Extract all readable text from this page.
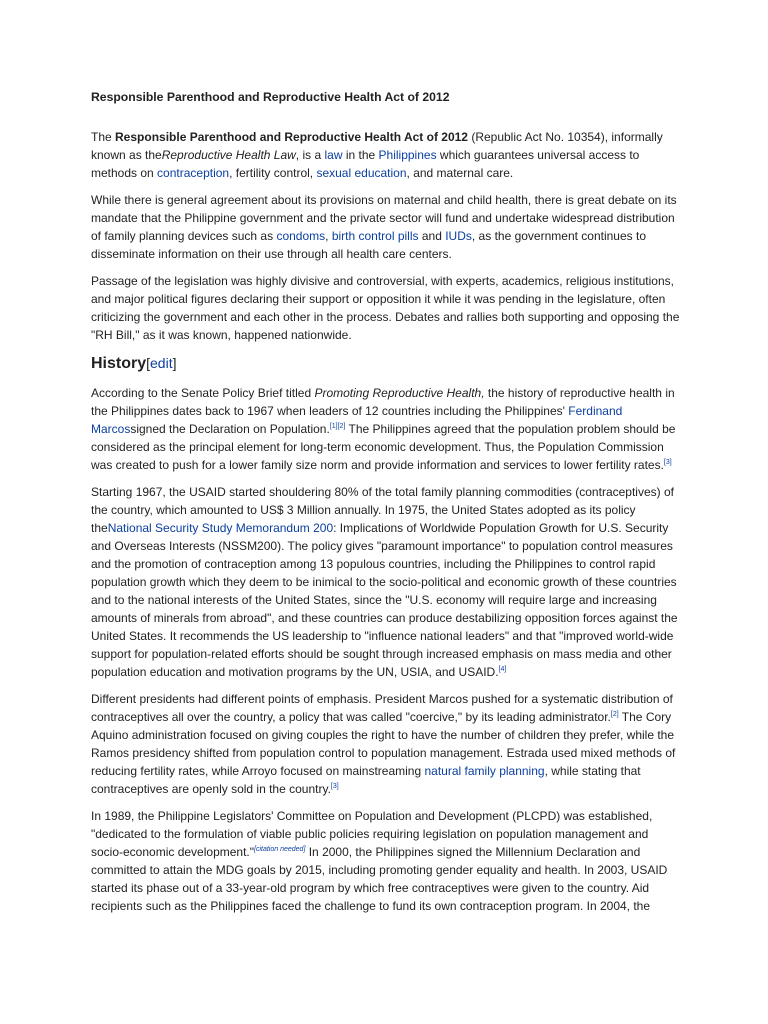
Responsible Parenthood and Reproductive Health Act of 2012

The Responsible Parenthood and Reproductive Health Act of 2012 (Republic Act No. 10354), informally known as theReproductive Health Law, is a law in the Philippines which guarantees universal access to methods on contraception, fertility control, sexual education, and maternal care.

While there is general agreement about its provisions on maternal and child health, there is great debate on its mandate that the Philippine government and the private sector will fund and undertake widespread distribution of family planning devices such as condoms, birth control pills and IUDs, as the government continues to disseminate information on their use through all health care centers.

Passage of the legislation was highly divisive and controversial, with experts, academics, religious institutions, and major political figures declaring their support or opposition it while it was pending in the legislature, often criticizing the government and each other in the process. Debates and rallies both supporting and opposing the "RH Bill," as it was known, happened nationwide.

History[edit]

According to the Senate Policy Brief titled Promoting Reproductive Health, the history of reproductive health in the Philippines dates back to 1967 when leaders of 12 countries including the Philippines' Ferdinand Marcossigned the Declaration on Population.[1][2] The Philippines agreed that the population problem should be considered as the principal element for long-term economic development. Thus, the Population Commission was created to push for a lower family size norm and provide information and services to lower fertility rates.[3]

Starting 1967, the USAID started shouldering 80% of the total family planning commodities (contraceptives) of the country, which amounted to US$ 3 Million annually. In 1975, the United States adopted as its policy theNational Security Study Memorandum 200: Implications of Worldwide Population Growth for U.S. Security and Overseas Interests (NSSM200). The policy gives "paramount importance" to population control measures and the promotion of contraception among 13 populous countries, including the Philippines to control rapid population growth which they deem to be inimical to the socio-political and economic growth of these countries and to the national interests of the United States, since the "U.S. economy will require large and increasing amounts of minerals from abroad", and these countries can produce destabilizing opposition forces against the United States. It recommends the US leadership to "influence national leaders" and that "improved world-wide support for population-related efforts should be sought through increased emphasis on mass media and other population education and motivation programs by the UN, USIA, and USAID.[4]

Different presidents had different points of emphasis. President Marcos pushed for a systematic distribution of contraceptives all over the country, a policy that was called "coercive," by its leading administrator.[2] The Cory Aquino administration focused on giving couples the right to have the number of children they prefer, while the Ramos presidency shifted from population control to population management. Estrada used mixed methods of reducing fertility rates, while Arroyo focused on mainstreaming natural family planning, while stating that contraceptives are openly sold in the country.[3]

In 1989, the Philippine Legislators' Committee on Population and Development (PLCPD) was established, "dedicated to the formulation of viable public policies requiring legislation on population management and socio-economic development."[citation needed] In 2000, the Philippines signed the Millennium Declaration and committed to attain the MDG goals by 2015, including promoting gender equality and health. In 2003, USAID started its phase out of a 33-year-old program by which free contraceptives were given to the country. Aid recipients such as the Philippines faced the challenge to fund its own contraception program. In 2004, the
